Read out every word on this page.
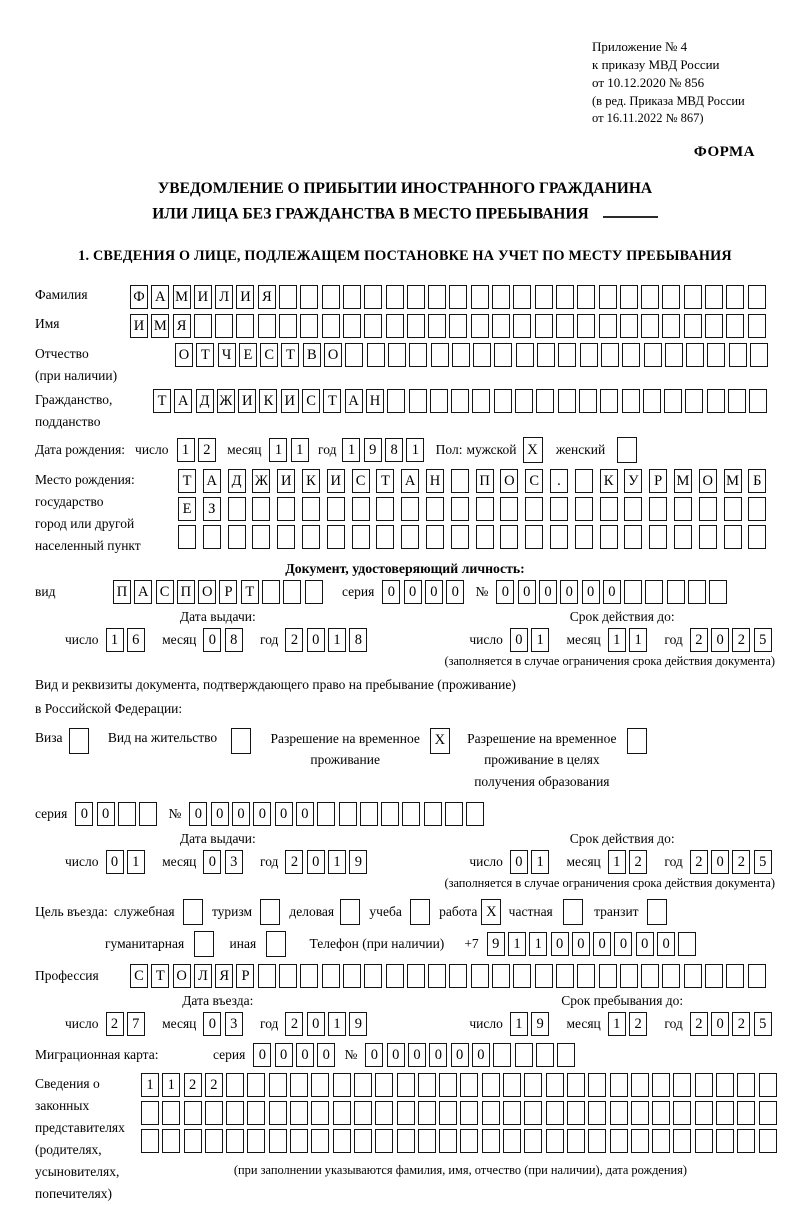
Приложение № 4
к приказу МВД России
от 10.12.2020 № 856
(в ред. Приказа МВД России
от 16.11.2022 № 867)
ФОРМА
УВЕДОМЛЕНИЕ О ПРИБЫТИИ ИНОСТРАННОГО ГРАЖДАНИНА
ИЛИ ЛИЦА БЕЗ ГРАЖДАНСТВА В МЕСТО ПРЕБЫВАНИЯ
1. СВЕДЕНИЯ О ЛИЦЕ, ПОДЛЕЖАЩЕМ ПОСТАНОВКЕ НА УЧЕТ ПО МЕСТУ ПРЕБЫВАНИЯ
Фамилия	Ф А М И Л И Я
Имя	И М Я
Отчество
(при наличии)
О Т Ч Е С Т В О
Гражданство,
подданство
Т А Д Ж И К И С Т А Н
Дата рождения: число 1 2	месяц 1 1	год 1 9 8 1	Пол: мужской X	женский
Место рождения:
государство
город или другой
населенный пункт
Т	А Д Ж И К И С	Т	А Н	П О С	.	К У	Р М О М Б
Е	З
Документ, удостоверяющий личность:
вид	П А С П О Р Т	серия 0 0 0 0	№ 0 0 0 0 0 0
Дата выдачи:
число 1 6	месяц 0 8	год 2 0 1 8
Срок действия до:
число 0 1	месяц 1 1	год 2 0 2 5
(заполняется в случае ограничения срока действия документа)
Вид и реквизиты документа, подтверждающего право на пребывание (проживание)
в Российской Федерации:
Виза	Вид на жительство	Разрешение на временное
проживание
X	Разрешение на временное
проживание в целях
получения образования
серия 0 0	№ 0 0 0 0 0 0
Дата выдачи:
число 0 1	месяц 0 3	год 2 0 1 9
Срок действия до:
число 0 1	месяц 1 2	год 2 0 2 5
(заполняется в случае ограничения срока действия документа)
Цель въезда: служебная	туризм	деловая	учеба	работа X частная	транзит
гуманитарная	иная	Телефон (при наличии) +7 9 1 1 0 0 0 0 0 0
Профессия	С Т О Л Я Р
Дата въезда:
число 2 7	месяц 0 3	год 2 0 1 9
Срок пребывания до:
число 1 9	месяц 1 2	год 2 0 2 5
Миграционная карта:	серия 0 0 0 0	№ 0 0 0 0 0 0
Сведения о
законных
представителях
(родителях,
усыновителях,
попечителях)
1 1 2 2
(при заполнении указываются фамилия, имя, отчество (при наличии), дата рождения)
